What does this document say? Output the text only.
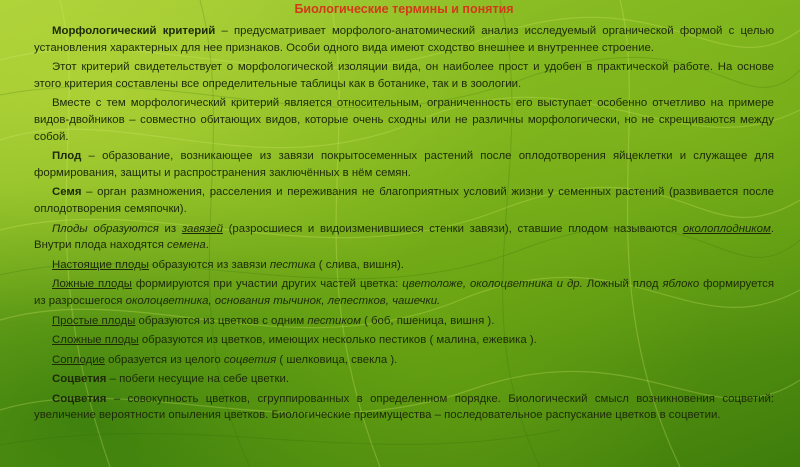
Биологические термины и понятия
Морфологический критерий – предусматривает морфолого-анатомический анализ исследуемый органической формой с целью установления характерных для нее признаков. Особи одного вида имеют сходство внешнее и внутреннее строение.
Этот критерий свидетельствует о морфологической изоляции вида, он наиболее прост и удобен в практической работе. На основе этого критерия составлены все определительные таблицы как в ботанике, так и в зоологии.
Вместе с тем морфологический критерий является относительным, ограниченность его выступает особенно отчетливо на примере видов-двойников – совместно обитающих видов, которые очень сходны или не различны морфологически, но не скрещиваются между собой.
Плод – образование, возникающее из завязи покрытосеменных растений после оплодотворения яйцеклетки и служащее для формирования, защиты и распространения заключённых в нём семян.
Семя – орган размножения, расселения и переживания не благоприятных условий жизни у семенных растений (развивается после оплодотворения семяпочки).
Плоды образуются из завязей (разросшиеся и видоизменившиеся стенки завязи), ставшие плодом называются околоплодником. Внутри плода находятся семена.
Настоящие плоды образуются из завязи пестика ( слива, вишня).
Ложные плоды формируются при участии других частей цветка: цветоложе, околоцветника и др. Ложный плод яблоко формируется из разросшегося околоцветника, основания тычинок, лепестков, чашечки.
Простые плоды образуются из цветков с одним пестиком ( боб, пшеница, вишня ).
Сложные плоды образуются из цветков, имеющих несколько пестиков ( малина, ежевика ).
Соплодие образуется из целого соцветия ( шелковица, свекла ).
Соцветия – побеги несущие на себе цветки.
Соцветия – совокупность цветков, сгруппированных в определенном порядке. Биологический смысл возникновения соцветий: увеличение вероятности опыления цветков. Биологические преимущества – последовательное распускание цветков в соцветии.
